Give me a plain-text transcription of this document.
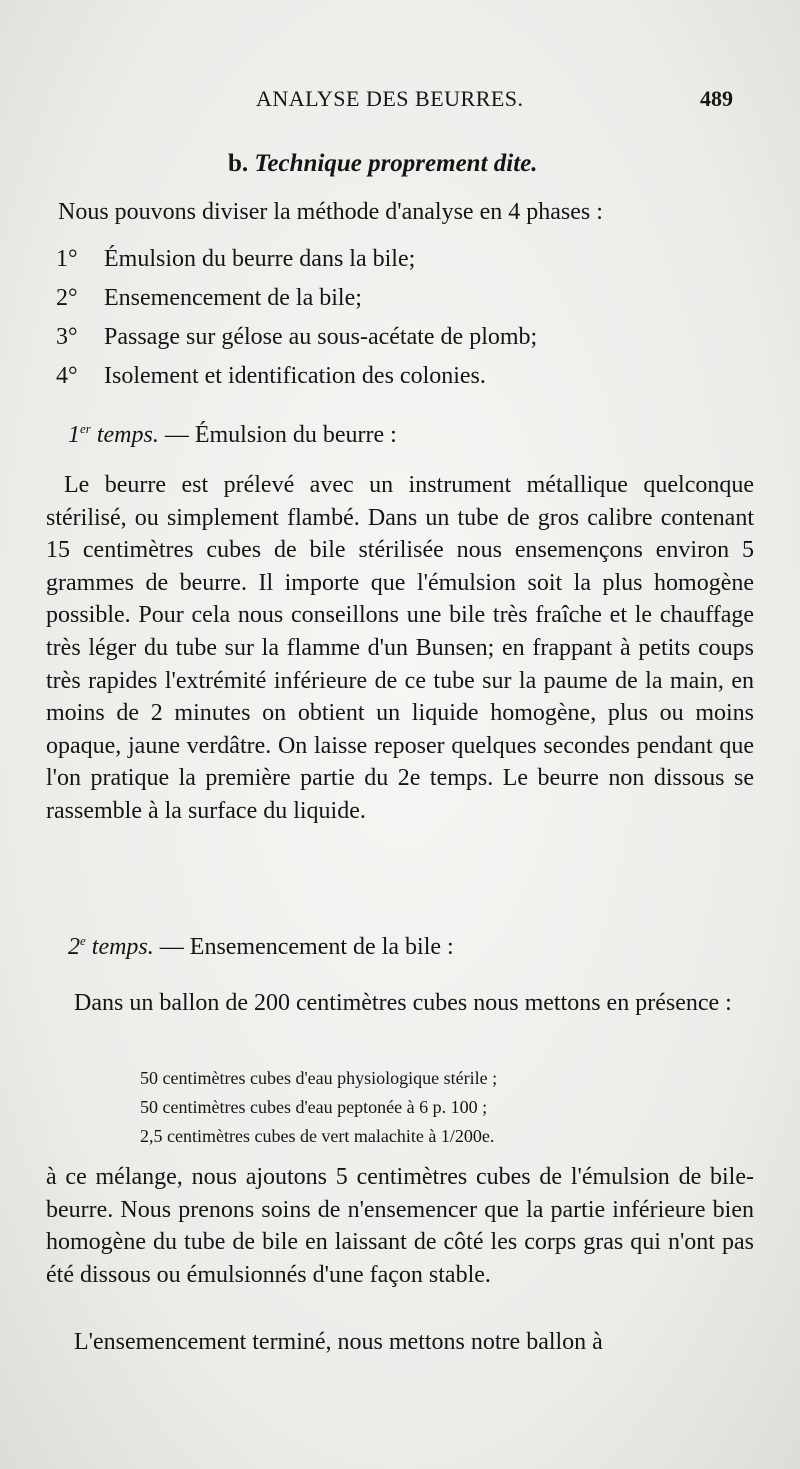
ANALYSE DES BEURRES.	489
b. Technique proprement dite.

Nous pouvons diviser la méthode d'analyse en 4 phases :

1° Émulsion du beurre dans la bile;
2° Ensemencement de la bile;
3° Passage sur gélose au sous-acétate de plomb;
4° Isolement et identification des colonies.
1er temps. — Émulsion du beurre :

Le beurre est prélevé avec un instrument métallique quelconque stérilisé, ou simplement flambé. Dans un tube de gros calibre contenant 15 centimètres cubes de bile stérilisée nous ensemençons environ 5 grammes de beurre. Il importe que l'émulsion soit la plus homogène possible. Pour cela nous conseillons une bile très fraîche et le chauffage très léger du tube sur la flamme d'un Bunsen; en frappant à petits coups très rapides l'extrémité inférieure de ce tube sur la paume de la main, en moins de 2 minutes on obtient un liquide homogène, plus ou moins opaque, jaune verdâtre. On laisse reposer quelques secondes pendant que l'on pratique la première partie du 2e temps. Le beurre non dissous se rassemble à la surface du liquide.

2e temps. — Ensemencement de la bile :

Dans un ballon de 200 centimètres cubes nous mettons en présence :

50 centimètres cubes d'eau physiologique stérile ;
50 centimètres cubes d'eau peptonée à 6 p. 100 ;
2,5 centimètres cubes de vert malachite à 1/200e.

à ce mélange, nous ajoutons 5 centimètres cubes de l'émulsion de bile-beurre. Nous prenons soins de n'ensemencer que la partie inférieure bien homogène du tube de bile en laissant de côté les corps gras qui n'ont pas été dissous ou émulsionnés d'une façon stable.

L'ensemencement terminé, nous mettons notre ballon à
